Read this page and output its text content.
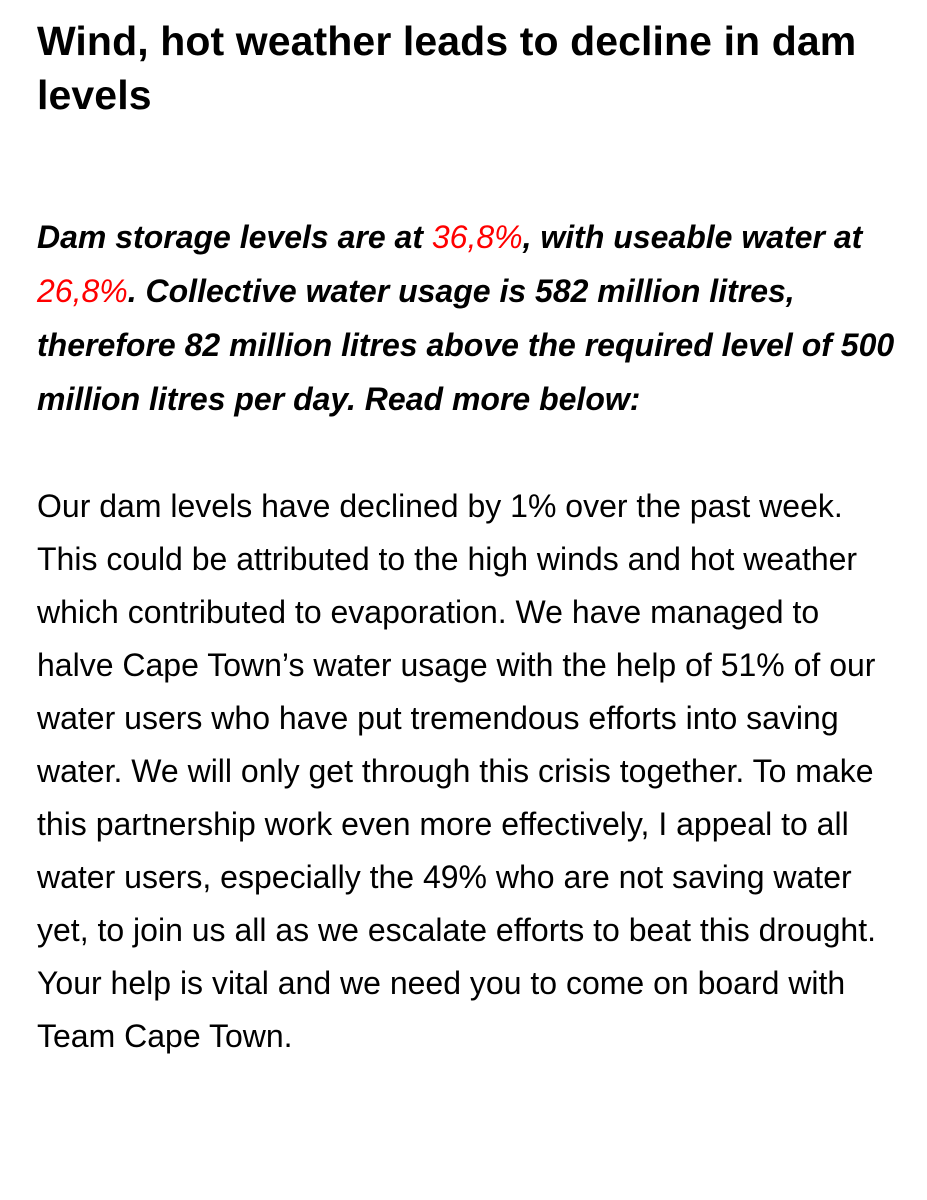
Wind, hot weather leads to decline in dam levels

Dam storage levels are at 36,8%, with useable water at 26,8%. Collective water usage is 582 million litres, therefore 82 million litres above the required level of 500 million litres per day. Read more below:

Our dam levels have declined by 1% over the past week. This could be attributed to the high winds and hot weather which contributed to evaporation. We have managed to halve Cape Town’s water usage with the help of 51% of our water users who have put tremendous efforts into saving water. We will only get through this crisis together. To make this partnership work even more effectively, I appeal to all water users, especially the 49% who are not saving water yet, to join us all as we escalate efforts to beat this drought. Your help is vital and we need you to come on board with Team Cape Town.
